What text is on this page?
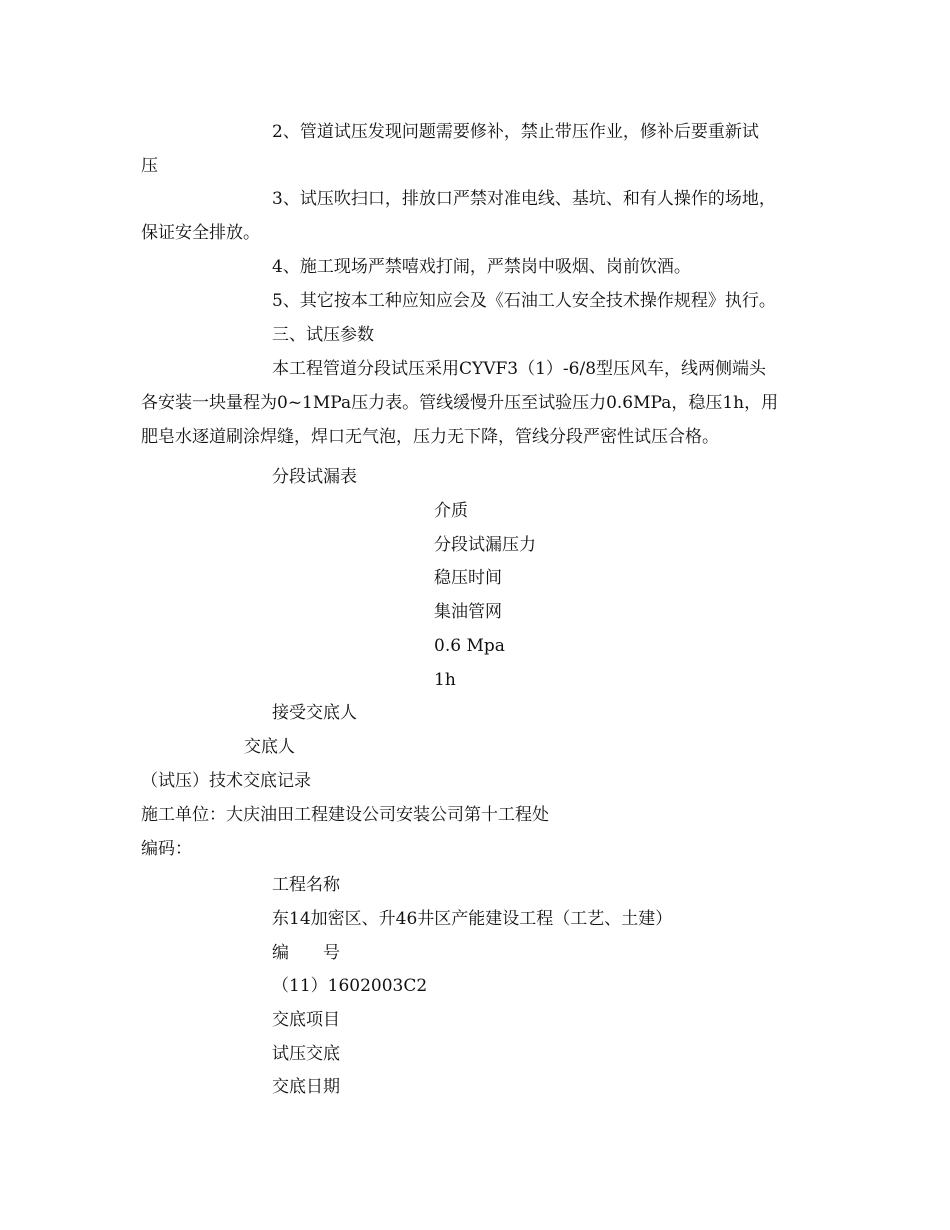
2、管道试压发现问题需要修补，禁止带压作业，修补后要重新试
压
3、试压吹扫口，排放口严禁对准电线、基坑、和有人操作的场地，
保证安全排放。
4、施工现场严禁嘻戏打闹，严禁岗中吸烟、岗前饮酒。
5、其它按本工种应知应会及《石油工人安全技术操作规程》执行。
三、试压参数
本工程管道分段试压采用CYVF3（1）-6/8型压风车，线两侧端头
各安装一块量程为0~1MPa压力表。管线缓慢升压至试验压力0.6MPa，稳压1h，用
肥皂水逐道刷涂焊缝，焊口无气泡，压力无下降，管线分段严密性试压合格。
分段试漏表
介质
分段试漏压力
稳压时间
集油管网
0.6 Mpa
1h
接受交底人
交底人
（试压）技术交底记录
施工单位：大庆油田工程建设公司安装公司第十工程处
编码：
工程名称
东14加密区、升46井区产能建设工程（工艺、土建）
编　　号
（11）1602003C2
交底项目
试压交底
交底日期
